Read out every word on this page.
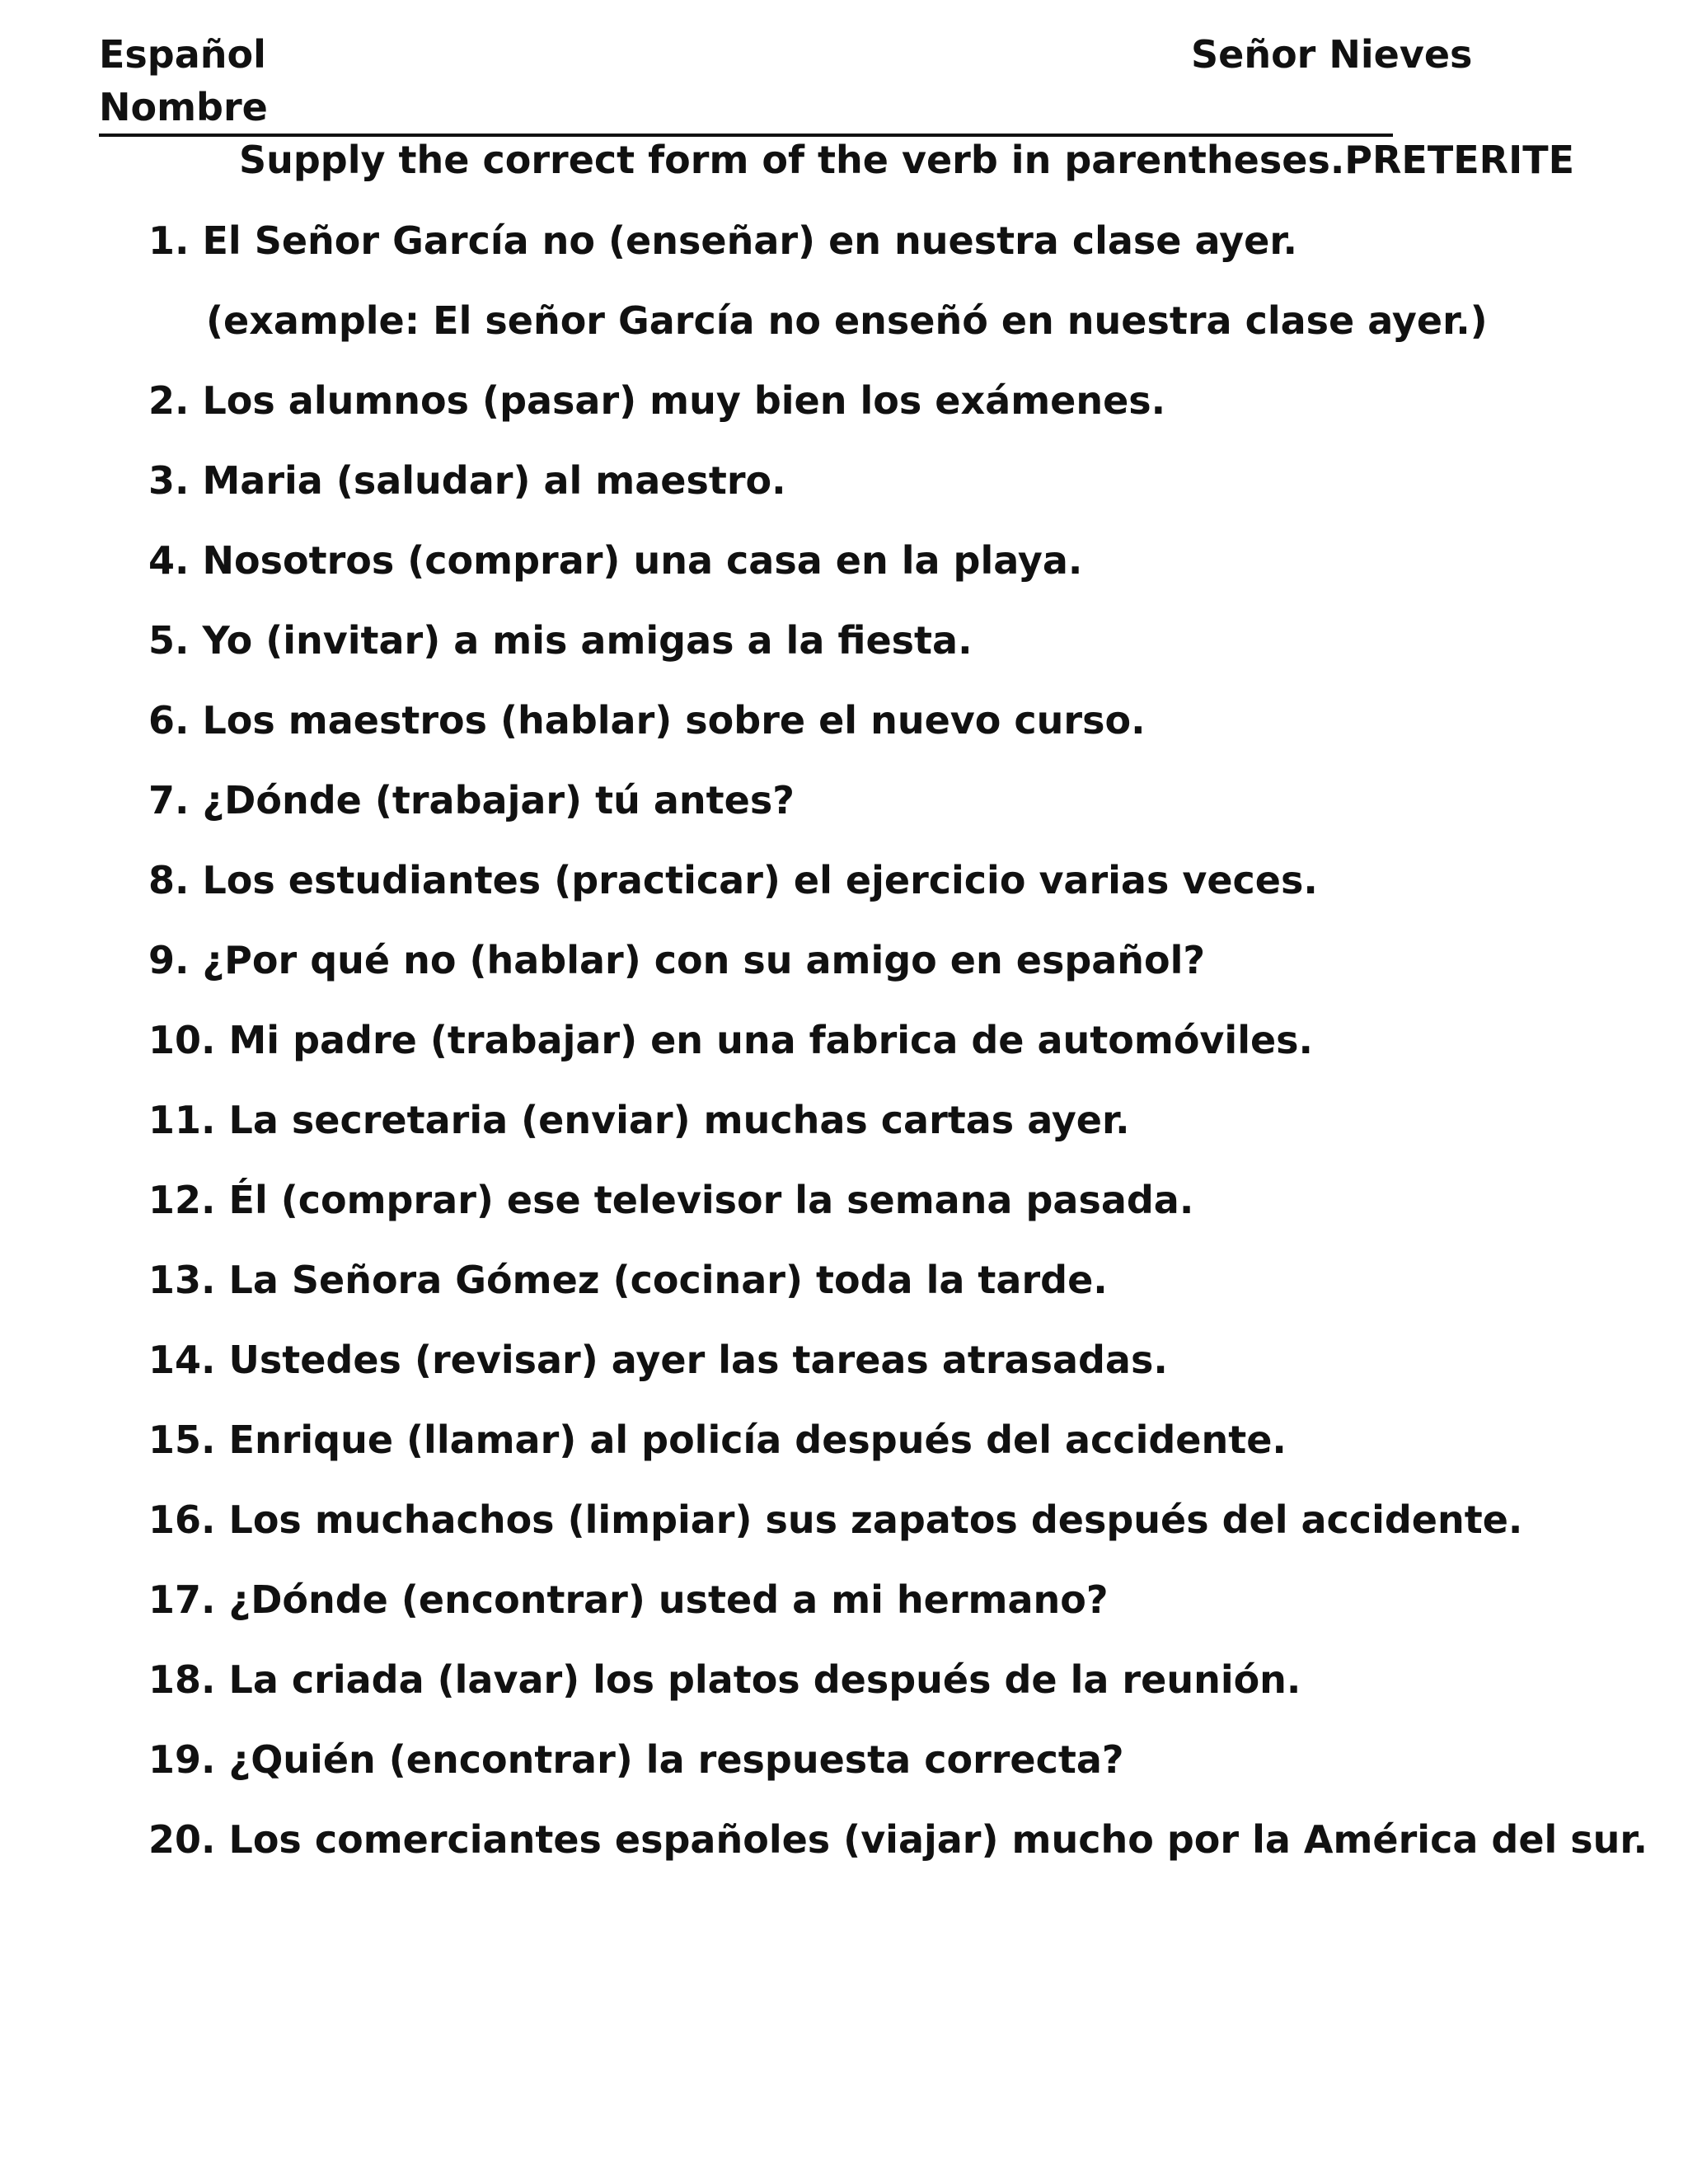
Español	Señor Nieves
Nombre
Supply the correct form of the verb in parentheses.PRETERITE
1. El Señor García no (enseñar) en nuestra clase ayer.
(example: El señor García no enseñó en nuestra clase ayer.)
2. Los alumnos (pasar) muy bien los exámenes.
3. Maria (saludar) al maestro.
4. Nosotros (comprar) una casa en la playa.
5. Yo (invitar) a mis amigas a la fiesta.
6. Los maestros (hablar) sobre el nuevo curso.
7. ¿Dónde (trabajar) tú antes?
8. Los estudiantes (practicar) el ejercicio varias veces.
9. ¿Por qué no (hablar) con su amigo en español?
10. Mi padre (trabajar) en una fabrica de automóviles.
11. La secretaria (enviar) muchas cartas ayer.
12. Él (comprar) ese televisor la semana pasada.
13. La Señora Gómez (cocinar) toda la tarde.
14. Ustedes (revisar) ayer las tareas atrasadas.
15. Enrique (llamar) al policía después del accidente.
16. Los muchachos (limpiar) sus zapatos después del accidente.
17. ¿Dónde (encontrar) usted a mi hermano?
18. La criada (lavar) los platos después de la reunión.
19. ¿Quién (encontrar) la respuesta correcta?
20. Los comerciantes españoles (viajar) mucho por la América del sur.
